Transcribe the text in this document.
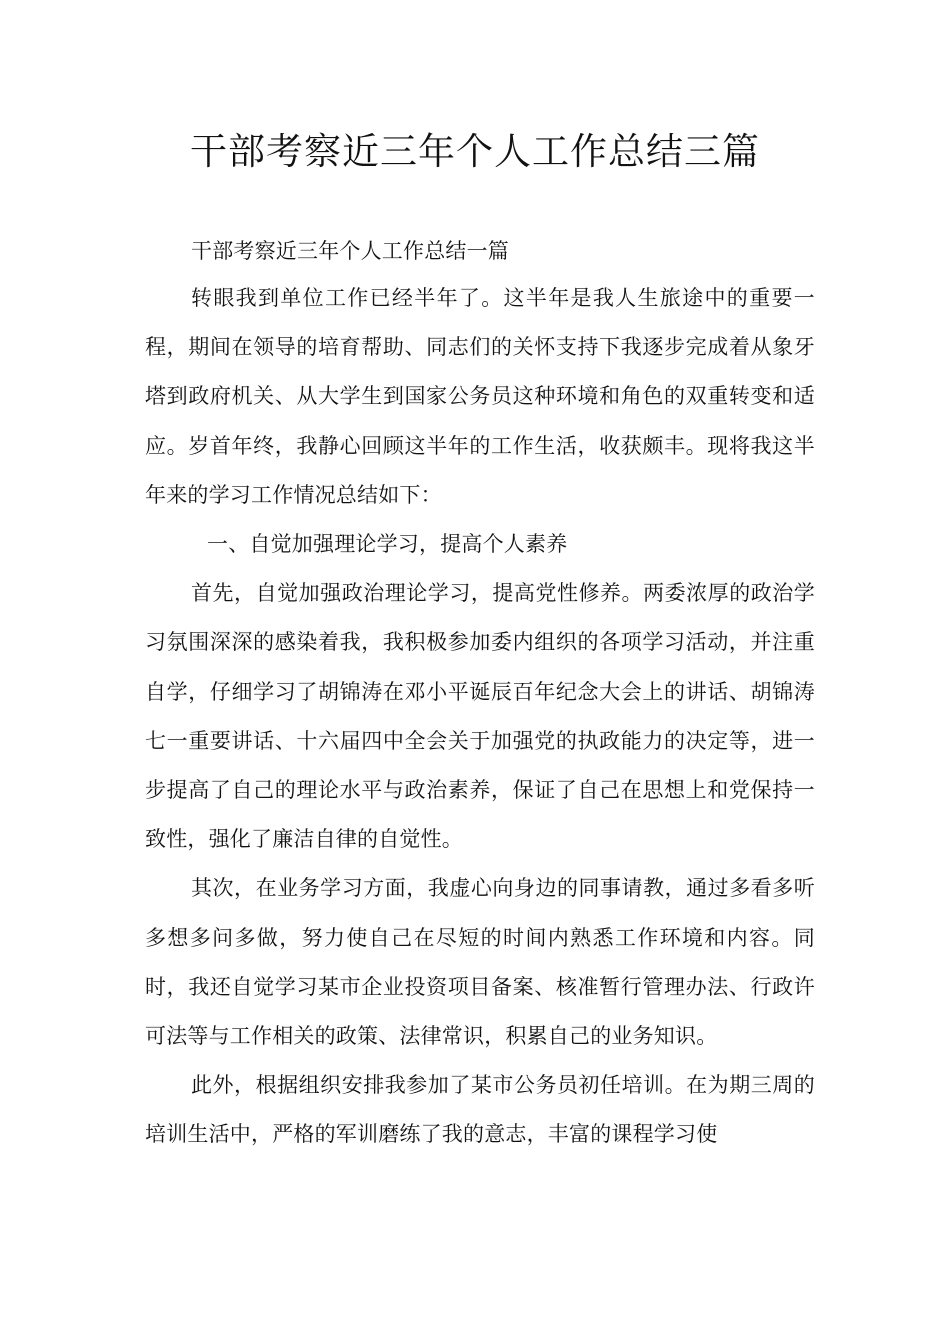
干部考察近三年个人工作总结三篇

干部考察近三年个人工作总结一篇

转眼我到单位工作已经半年了。这半年是我人生旅途中的重要一程，期间在领导的培育帮助、同志们的关怀支持下我逐步完成着从象牙塔到政府机关、从大学生到国家公务员这种环境和角色的双重转变和适应。岁首年终，我静心回顾这半年的工作生活，收获颇丰。现将我这半年来的学习工作情况总结如下：

一、自觉加强理论学习，提高个人素养

首先，自觉加强政治理论学习，提高党性修养。两委浓厚的政治学习氛围深深的感染着我，我积极参加委内组织的各项学习活动，并注重自学，仔细学习了胡锦涛在邓小平诞辰百年纪念大会上的讲话、胡锦涛七一重要讲话、十六届四中全会关于加强党的执政能力的决定等，进一步提高了自己的理论水平与政治素养，保证了自己在思想上和党保持一致性，强化了廉洁自律的自觉性。

其次，在业务学习方面，我虚心向身边的同事请教，通过多看多听多想多问多做，努力使自己在尽短的时间内熟悉工作环境和内容。同时，我还自觉学习某市企业投资项目备案、核准暂行管理办法、行政许可法等与工作相关的政策、法律常识，积累自己的业务知识。

此外，根据组织安排我参加了某市公务员初任培训。在为期三周的培训生活中，严格的军训磨练了我的意志，丰富的课程学习使
